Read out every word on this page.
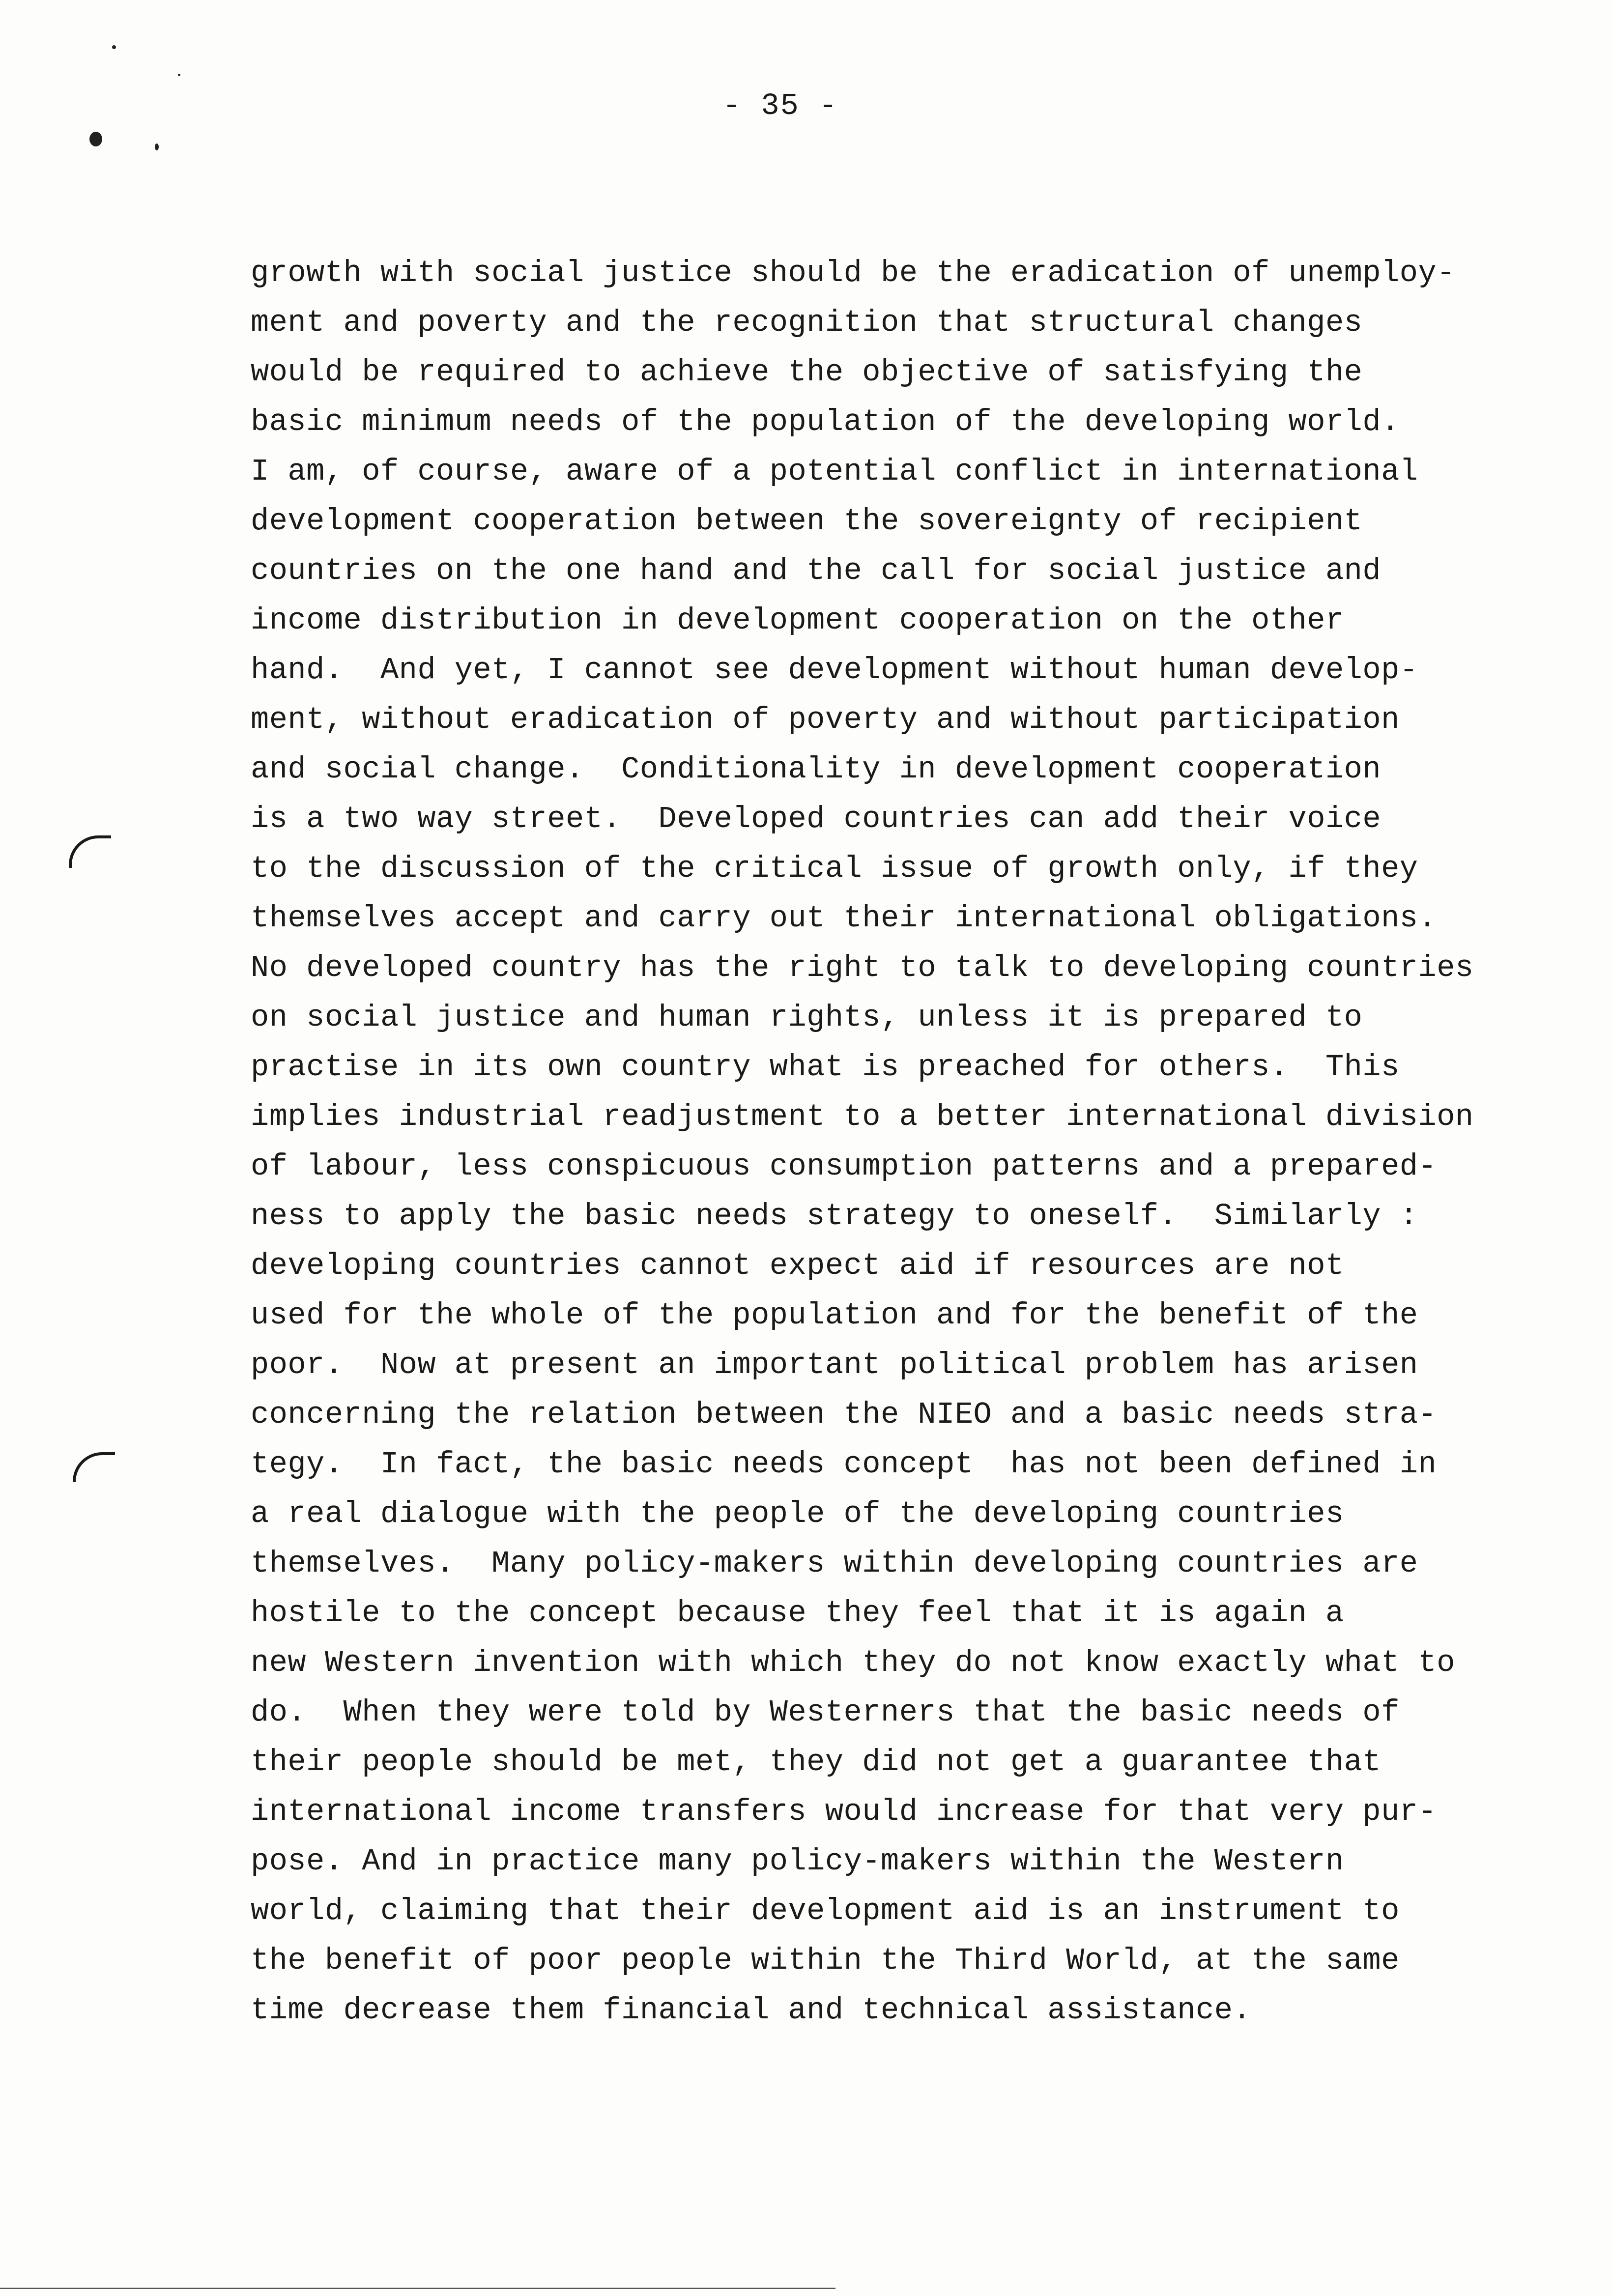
- 35 -
growth with social justice should be the eradication of unemploy-
ment and poverty and the recognition that structural changes
would be required to achieve the objective of satisfying the
basic minimum needs of the population of the developing world.
I am, of course, aware of a potential conflict in international
development cooperation between the sovereignty of recipient
countries on the one hand and the call for social justice and
income distribution in development cooperation on the other
hand.  And yet, I cannot see development without human develop-
ment, without eradication of poverty and without participation
and social change.  Conditionality in development cooperation
is a two way street.  Developed countries can add their voice
to the discussion of the critical issue of growth only, if they
themselves accept and carry out their international obligations.
No developed country has the right to talk to developing countries
on social justice and human rights, unless it is prepared to
practise in its own country what is preached for others.  This
implies industrial readjustment to a better international division
of labour, less conspicuous consumption patterns and a prepared-
ness to apply the basic needs strategy to oneself.  Similarly :
developing countries cannot expect aid if resources are not
used for the whole of the population and for the benefit of the
poor.  Now at present an important political problem has arisen
concerning the relation between the NIEO and a basic needs stra-
tegy.  In fact, the basic needs concept  has not been defined in
a real dialogue with the people of the developing countries
themselves.  Many policy-makers within developing countries are
hostile to the concept because they feel that it is again a
new Western invention with which they do not know exactly what to
do.  When they were told by Westerners that the basic needs of
their people should be met, they did not get a guarantee that
international income transfers would increase for that very pur-
pose. And in practice many policy-makers within the Western
world, claiming that their development aid is an instrument to
the benefit of poor people within the Third World, at the same
time decrease them financial and technical assistance.
